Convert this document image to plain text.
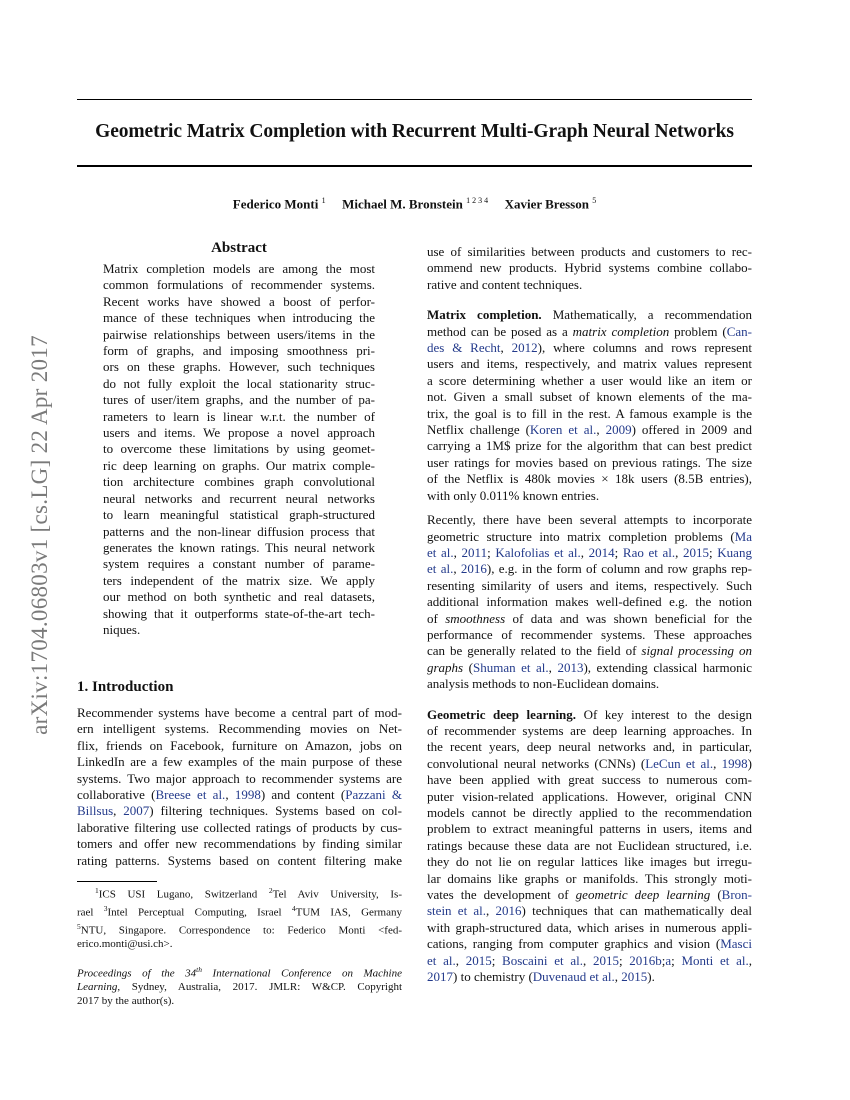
arXiv:1704.06803v1 [cs.LG] 22 Apr 2017
Geometric Matrix Completion with Recurrent Multi-Graph Neural Networks
Federico Monti $^1$ Michael M. Bronstein $^{1 2 3 4}$ Xavier Bresson $^5$
Abstract
Matrix completion models are among the most
common formulations of recommender systems.
Recent works have showed a boost of perfor-
mance of these techniques when introducing the
pairwise relationships between users/items in the
form of graphs, and imposing smoothness pri-
ors on these graphs. However, such techniques
do not fully exploit the local stationarity struc-
tures of user/item graphs, and the number of pa-
rameters to learn is linear w.r.t. the number of
users and items. We propose a novel approach
to overcome these limitations by using geomet-
ric deep learning on graphs. Our matrix comple-
tion architecture combines graph convolutional
neural networks and recurrent neural networks
to learn meaningful statistical graph-structured
patterns and the non-linear diffusion process that
generates the known ratings. This neural network
system requires a constant number of parame-
ters independent of the matrix size. We apply
our method on both synthetic and real datasets,
showing that it outperforms state-of-the-art tech-
niques.
1. Introduction
Recommender systems have become a central part of mod-
ern intelligent systems. Recommending movies on Net-
flix, friends on Facebook, furniture on Amazon, jobs on
LinkedIn are a few examples of the main purpose of these
systems. Two major approach to recommender systems are
collaborative (Breese et al., 1998) and content (Pazzani &
Billsus, 2007) filtering techniques. Systems based on col-
laborative filtering use collected ratings of products by cus-
tomers and offer new recommendations by finding similar
rating patterns. Systems based on content filtering make
$^1$ICS USI Lugano, Switzerland $^2$Tel Aviv University, Is-
rael $^3$Intel Perceptual Computing, Israel $^4$TUM IAS, Germany
$^5$NTU, Singapore. Correspondence to: Federico Monti <fed-
erico.monti@usi.ch>.
Proceedings of the 34th International Conference on Machine
Learning, Sydney, Australia, 2017. JMLR: W&CP. Copyright
2017 by the author(s).
use of similarities between products and customers to rec-
ommend new products. Hybrid systems combine collabo-
rative and content techniques.
Matrix completion. Mathematically, a recommendation
method can be posed as a matrix completion problem (Can-
des & Recht, 2012), where columns and rows represent
users and items, respectively, and matrix values represent
a score determining whether a user would like an item or
not. Given a small subset of known elements of the ma-
trix, the goal is to fill in the rest. A famous example is the
Netflix challenge (Koren et al., 2009) offered in 2009 and
carrying a 1M$ prize for the algorithm that can best predict
user ratings for movies based on previous ratings. The size
of the Netflix is 480k movies × 18k users (8.5B entries),
with only 0.011% known entries.
Recently, there have been several attempts to incorporate
geometric structure into matrix completion problems (Ma
et al., 2011; Kalofolias et al., 2014; Rao et al., 2015; Kuang
et al., 2016), e.g. in the form of column and row graphs rep-
resenting similarity of users and items, respectively. Such
additional information makes well-defined e.g. the notion
of smoothness of data and was shown beneficial for the
performance of recommender systems. These approaches
can be generally related to the field of signal processing on
graphs (Shuman et al., 2013), extending classical harmonic
analysis methods to non-Euclidean domains.
Geometric deep learning. Of key interest to the design
of recommender systems are deep learning approaches. In
the recent years, deep neural networks and, in particular,
convolutional neural networks (CNNs) (LeCun et al., 1998)
have been applied with great success to numerous com-
puter vision-related applications. However, original CNN
models cannot be directly applied to the recommendation
problem to extract meaningful patterns in users, items and
ratings because these data are not Euclidean structured, i.e.
they do not lie on regular lattices like images but irregu-
lar domains like graphs or manifolds. This strongly moti-
vates the development of geometric deep learning (Bron-
stein et al., 2016) techniques that can mathematically deal
with graph-structured data, which arises in numerous appli-
cations, ranging from computer graphics and vision (Masci
et al., 2015; Boscaini et al., 2015; 2016b;a; Monti et al.,
2017) to chemistry (Duvenaud et al., 2015).
